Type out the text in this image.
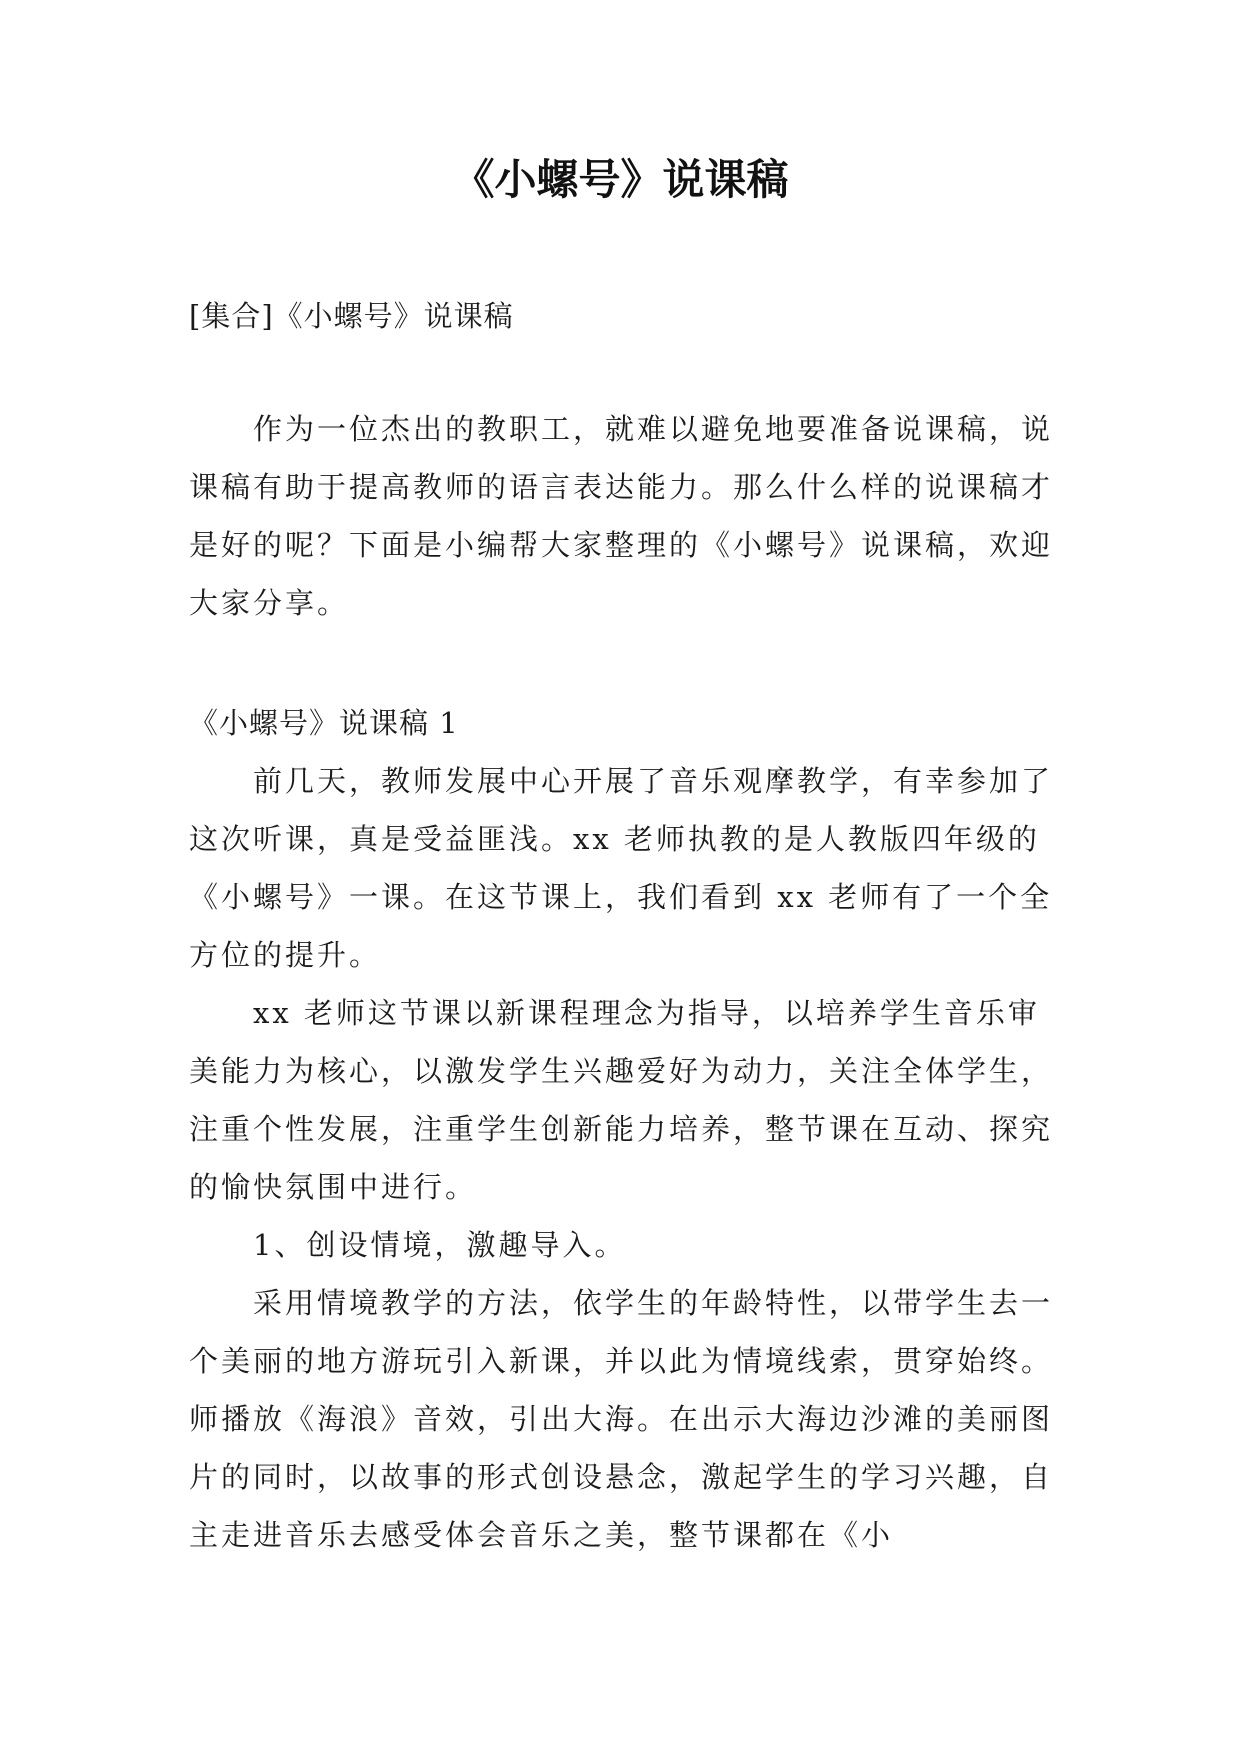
《小螺号》说课稿
[集合]《小螺号》说课稿

作为一位杰出的教职工，就难以避免地要准备说课稿，说课稿有助于提高教师的语言表达能力。那么什么样的说课稿才是好的呢？下面是小编帮大家整理的《小螺号》说课稿，欢迎大家分享。

《小螺号》说课稿 1

前几天，教师发展中心开展了音乐观摩教学，有幸参加了这次听课，真是受益匪浅。xx 老师执教的是人教版四年级的《小螺号》一课。在这节课上，我们看到 xx 老师有了一个全方位的提升。

xx 老师这节课以新课程理念为指导，以培养学生音乐审美能力为核心，以激发学生兴趣爱好为动力，关注全体学生，注重个性发展，注重学生创新能力培养，整节课在互动、探究的愉快氛围中进行。

1、创设情境，激趣导入。

采用情境教学的方法，依学生的年龄特性，以带学生去一个美丽的地方游玩引入新课，并以此为情境线索，贯穿始终。师播放《海浪》音效，引出大海。在出示大海边沙滩的美丽图片的同时，以故事的形式创设悬念，激起学生的学习兴趣，自主走进音乐去感受体会音乐之美，整节课都在《小
